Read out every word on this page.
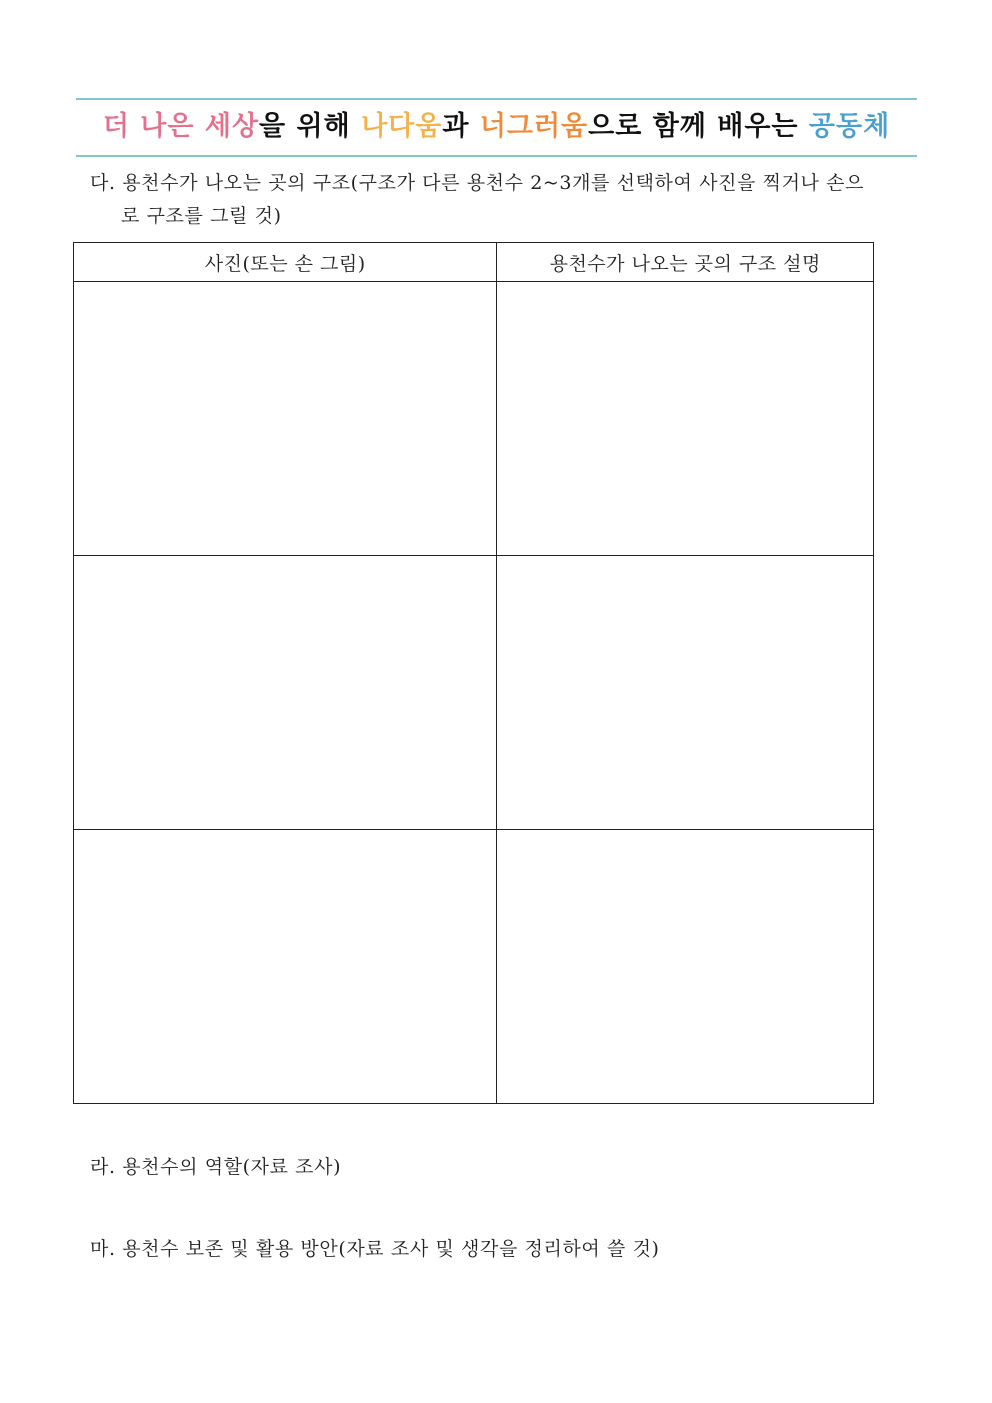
더 나은 세상을 위해 나다움과 너그러움으로 함께 배우는 공동체
다. 용천수가 나오는 곳의 구조(구조가 다른 용천수 2~3개를 선택하여 사진을 찍거나 손으
로 구조를 그릴 것)
사진(또는 손 그림)	용천수가 나오는 곳의 구조 설명

라. 용천수의 역할(자료 조사)
마. 용천수 보존 및 활용 방안(자료 조사 및 생각을 정리하여 쓸 것)
